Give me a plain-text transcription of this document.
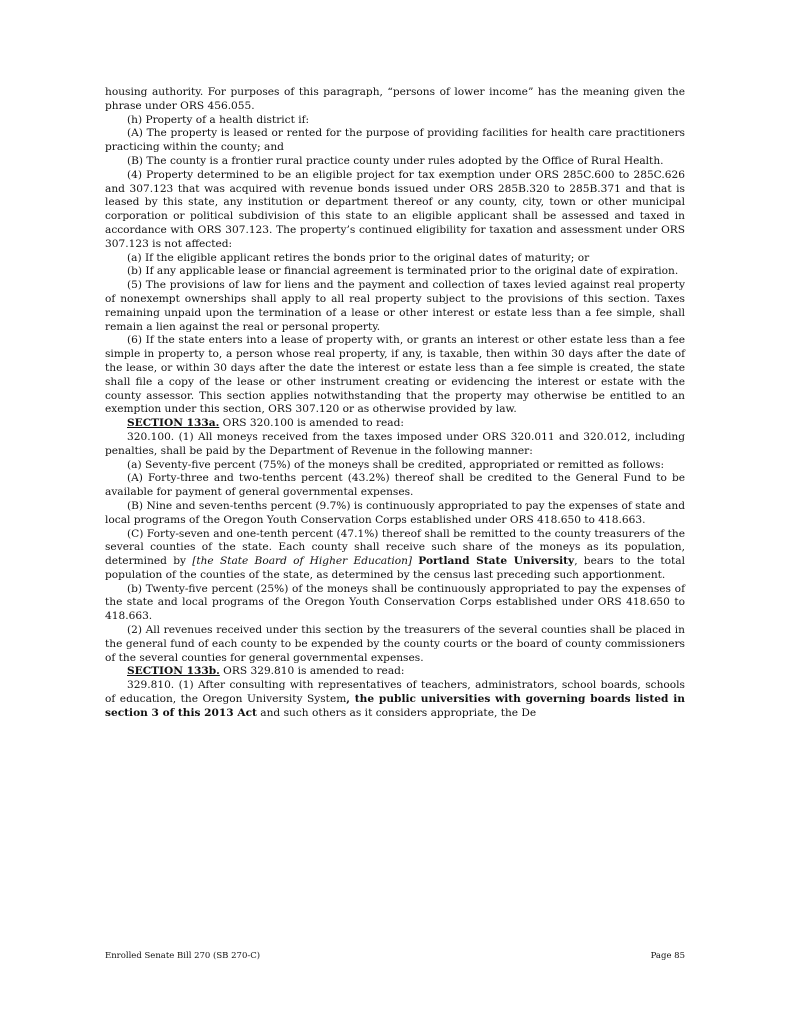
housing authority. For purposes of this paragraph, “persons of lower income” has the meaning given the phrase under ORS 456.055.

(h) Property of a health district if:

(A) The property is leased or rented for the purpose of providing facilities for health care practitioners practicing within the county; and

(B) The county is a frontier rural practice county under rules adopted by the Office of Rural Health.

(4) Property determined to be an eligible project for tax exemption under ORS 285C.600 to 285C.626 and 307.123 that was acquired with revenue bonds issued under ORS 285B.320 to 285B.371 and that is leased by this state, any institution or department thereof or any county, city, town or other municipal corporation or political subdivision of this state to an eligible applicant shall be assessed and taxed in accordance with ORS 307.123. The property’s continued eligibility for taxation and assessment under ORS 307.123 is not affected:

(a) If the eligible applicant retires the bonds prior to the original dates of maturity; or

(b) If any applicable lease or financial agreement is terminated prior to the original date of expiration.

(5) The provisions of law for liens and the payment and collection of taxes levied against real property of nonexempt ownerships shall apply to all real property subject to the provisions of this section. Taxes remaining unpaid upon the termination of a lease or other interest or estate less than a fee simple, shall remain a lien against the real or personal property.

(6) If the state enters into a lease of property with, or grants an interest or other estate less than a fee simple in property to, a person whose real property, if any, is taxable, then within 30 days after the date of the lease, or within 30 days after the date the interest or estate less than a fee simple is created, the state shall file a copy of the lease or other instrument creating or evidencing the interest or estate with the county assessor. This section applies notwithstanding that the property may otherwise be entitled to an exemption under this section, ORS 307.120 or as otherwise provided by law.

SECTION 133a. ORS 320.100 is amended to read:

320.100. (1) All moneys received from the taxes imposed under ORS 320.011 and 320.012, including penalties, shall be paid by the Department of Revenue in the following manner:

(a) Seventy-five percent (75%) of the moneys shall be credited, appropriated or remitted as follows:

(A) Forty-three and two-tenths percent (43.2%) thereof shall be credited to the General Fund to be available for payment of general governmental expenses.

(B) Nine and seven-tenths percent (9.7%) is continuously appropriated to pay the expenses of state and local programs of the Oregon Youth Conservation Corps established under ORS 418.650 to 418.663.

(C) Forty-seven and one-tenth percent (47.1%) thereof shall be remitted to the county treasurers of the several counties of the state. Each county shall receive such share of the moneys as its population, determined by [the State Board of Higher Education] Portland State University, bears to the total population of the counties of the state, as determined by the census last preceding such apportionment.

(b) Twenty-five percent (25%) of the moneys shall be continuously appropriated to pay the expenses of the state and local programs of the Oregon Youth Conservation Corps established under ORS 418.650 to 418.663.

(2) All revenues received under this section by the treasurers of the several counties shall be placed in the general fund of each county to be expended by the county courts or the board of county commissioners of the several counties for general governmental expenses.

SECTION 133b. ORS 329.810 is amended to read:

329.810. (1) After consulting with representatives of teachers, administrators, school boards, schools of education, the Oregon University System, the public universities with governing boards listed in section 3 of this 2013 Act and such others as it considers appropriate, the De

Enrolled Senate Bill 270 (SB 270-C)	Page 85
